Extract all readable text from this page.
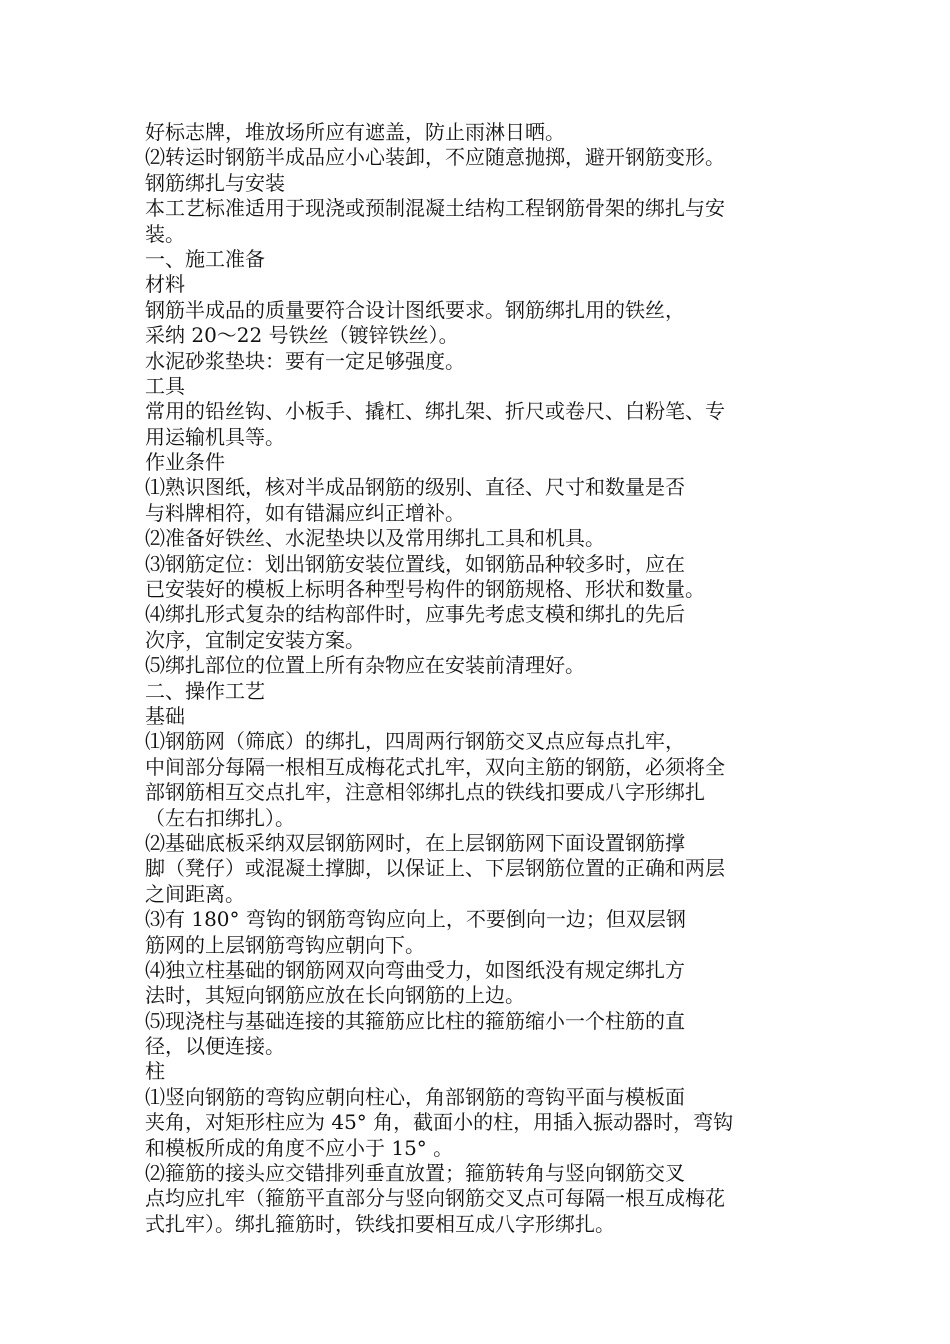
好标志牌，堆放场所应有遮盖，防止雨淋日晒。
⑵转运时钢筋半成品应小心装卸，不应随意抛掷，避开钢筋变形。
钢筋绑扎与安装
本工艺标准适用于现浇或预制混凝土结构工程钢筋骨架的绑扎与安
装。
一、施工准备
材料
钢筋半成品的质量要符合设计图纸要求。钢筋绑扎用的铁丝，
采纳 20～22 号铁丝（镀锌铁丝）。
水泥砂浆垫块：要有一定足够强度。
工具
常用的铅丝钩、小板手、撬杠、绑扎架、折尺或卷尺、白粉笔、专
用运输机具等。
作业条件
⑴熟识图纸，核对半成品钢筋的级别、直径、尺寸和数量是否
与料牌相符，如有错漏应纠正增补。
⑵准备好铁丝、水泥垫块以及常用绑扎工具和机具。
⑶钢筋定位：划出钢筋安装位置线，如钢筋品种较多时，应在
已安装好的模板上标明各种型号构件的钢筋规格、形状和数量。
⑷绑扎形式复杂的结构部件时，应事先考虑支模和绑扎的先后
次序，宜制定安装方案。
⑸绑扎部位的位置上所有杂物应在安装前清理好。
二、操作工艺
基础
⑴钢筋网（筛底）的绑扎，四周两行钢筋交叉点应每点扎牢，
中间部分每隔一根相互成梅花式扎牢，双向主筋的钢筋，必须将全
部钢筋相互交点扎牢，注意相邻绑扎点的铁线扣要成八字形绑扎
（左右扣绑扎）。
⑵基础底板采纳双层钢筋网时，在上层钢筋网下面设置钢筋撑
脚（凳仔）或混凝土撑脚，以保证上、下层钢筋位置的正确和两层
之间距离。
⑶有 180° 弯钩的钢筋弯钩应向上，不要倒向一边；但双层钢
筋网的上层钢筋弯钩应朝向下。
⑷独立柱基础的钢筋网双向弯曲受力，如图纸没有规定绑扎方
法时，其短向钢筋应放在长向钢筋的上边。
⑸现浇柱与基础连接的其箍筋应比柱的箍筋缩小一个柱筋的直
径，以便连接。
柱
⑴竖向钢筋的弯钩应朝向柱心，角部钢筋的弯钩平面与模板面
夹角，对矩形柱应为 45° 角，截面小的柱，用插入振动器时，弯钩
和模板所成的角度不应小于 15° 。
⑵箍筋的接头应交错排列垂直放置；箍筋转角与竖向钢筋交叉
点均应扎牢（箍筋平直部分与竖向钢筋交叉点可每隔一根互成梅花
式扎牢）。绑扎箍筋时，铁线扣要相互成八字形绑扎。
